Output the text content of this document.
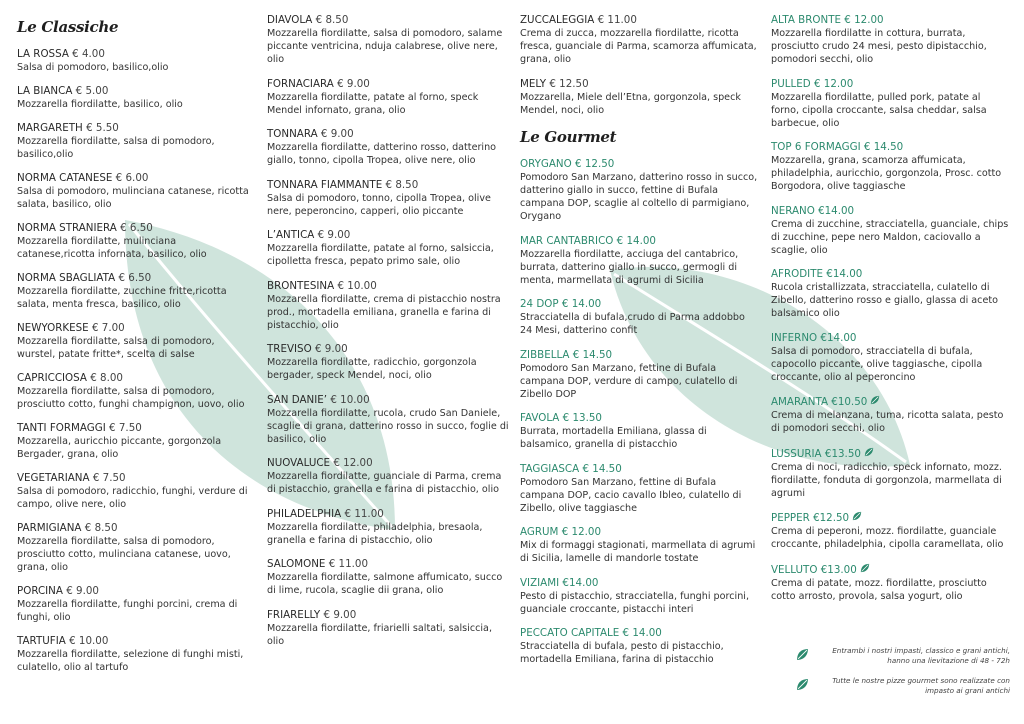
Le Classiche
LA ROSSA € 4.00
Salsa di pomodoro, basilico,olio
LA BIANCA € 5.00
Mozzarella fiordilatte, basilico, olio
MARGARETH € 5.50
Mozzarella fiordilatte, salsa di pomodoro, basilico,olio
NORMA CATANESE € 6.00
Salsa di pomodoro, mulinciana catanese, ricotta salata, basilico, olio
NORMA STRANIERA € 6.50
Mozzarella fiordilatte, mulinciana catanese,ricotta infornata, basilico, olio
NORMA SBAGLIATA € 6.50
Mozzarella fiordilatte, zucchine fritte,ricotta salata, menta fresca, basilico, olio
NEWYORKESE € 7.00
Mozzarella fiordilatte, salsa di pomodoro, wurstel, patate fritte*, scelta di salse
CAPRICCIOSA € 8.00
Mozzarella fiordilatte, salsa di pomodoro, prosciutto cotto, funghi champignon, uovo, olio
TANTI FORMAGGI € 7.50
Mozzarella, auricchio piccante, gorgonzola Bergader, grana, olio
VEGETARIANA € 7.50
Salsa di pomodoro, radicchio, funghi, verdure di campo, olive nere, olio
PARMIGIANA € 8.50
Mozzarella fiordilatte, salsa di pomodoro, prosciutto cotto, mulinciana catanese, uovo, grana, olio
PORCINA € 9.00
Mozzarella fiordilatte, funghi porcini, crema di funghi, olio
TARTUFIA € 10.00
Mozzarella fiordilatte, selezione di funghi misti, culatello, olio al tartufo
DIAVOLA € 8.50
Mozzarella fiordilatte, salsa di pomodoro, salame piccante ventricina, nduja calabrese, olive nere, olio
FORNACIARA € 9.00
Mozzarella fiordilatte, patate al forno, speck Mendel infornato, grana, olio
TONNARA € 9.00
Mozzarella fiordilatte, datterino rosso, datterino giallo, tonno, cipolla Tropea, olive nere, olio
TONNARA FIAMMANTE € 8.50
Salsa di pomodoro, tonno, cipolla Tropea, olive nere, peperoncino, capperi, olio piccante
L’ANTICA € 9.00
Mozzarella fiordilatte, patate al forno, salsiccia, cipolletta fresca, pepato primo sale, olio
BRONTESINA € 10.00
Mozzarella fiordilatte, crema di pistacchio nostra prod., mortadella emiliana, granella e farina di pistacchio, olio
TREVISO € 9.00
Mozzarella fiordilatte, radicchio, gorgonzola bergader, speck Mendel, noci, olio
SAN DANIE’ € 10.00
Mozzarella fiordilatte, rucola, crudo San Daniele, scaglie di grana, datterino rosso in succo, foglie di basilico, olio
NUOVALUCE € 12.00
Mozzarella fiordilatte, guanciale di Parma, crema di pistacchio, granella e farina di pistacchio, olio
PHILADELPHIA € 11.00
Mozzarella fiordilatte, philadelphia, bresaola, granella e farina di pistacchio, olio
SALOMONE € 11.00
Mozzarella fiordilatte, salmone affumicato, succo di lime, rucola, scaglie dii grana, olio
FRIARELLY € 9.00
Mozzarella fiordilatte, friarielli saltati, salsiccia, olio
ZUCCALEGGIA € 11.00
Crema di zucca, mozzarella fiordilatte, ricotta fresca, guanciale di Parma, scamorza affumicata, grana, olio
MELY € 12.50
Mozzarella, Miele dell’Etna, gorgonzola, speck Mendel, noci, olio
Le Gourmet
ORYGANO € 12.50
Pomodoro San Marzano, datterino rosso in succo, datterino giallo in succo, fettine di Bufala campana DOP, scaglie al coltello di parmigiano, Orygano
MAR CANTABRICO € 14.00
Mozzarella fiordilatte, acciuga del cantabrico, burrata, datterino giallo in succo, germogli di menta, marmellata di agrumi di Sicilia
24 DOP € 14.00
Stracciatella di bufala,crudo di Parma addobbo 24 Mesi, datterino confit
ZIBBELLA € 14.50
Pomodoro San Marzano, fettine di Bufala campana DOP, verdure di campo, culatello di Zibello DOP
FAVOLA € 13.50
Burrata, mortadella Emiliana, glassa di balsamico, granella di pistacchio
TAGGIASCA € 14.50
Pomodoro San Marzano, fettine di Bufala campana DOP, cacio cavallo Ibleo, culatello di Zibello, olive taggiasche
AGRUM € 12.00
Mix di formaggi stagionati, marmellata di agrumi di Sicilia, lamelle di mandorle tostate
VIZIAMI €14.00
Pesto di pistacchio, stracciatella, funghi porcini, guanciale croccante, pistacchi interi
PECCATO CAPITALE € 14.00
Stracciatella di bufala, pesto di pistacchio, mortadella Emiliana, farina di pistacchio
ALTA BRONTE € 12.00
Mozzarella fiordilatte in cottura, burrata, prosciutto crudo 24 mesi, pesto dipistacchio, pomodori secchi, olio
PULLED € 12.00
Mozzarella fiordilatte, pulled pork, patate al forno, cipolla croccante, salsa cheddar, salsa barbecue, olio
TOP 6 FORMAGGI € 14.50
Mozzarella, grana, scamorza affumicata, philadelphia, auricchio, gorgonzola, Prosc. cotto Borgodora, olive taggiasche
NERANO €14.00
Crema di zucchine, stracciatella, guanciale, chips di zucchine, pepe nero Maldon, caciovallo a scaglie, olio
AFRODITE €14.00
Rucola cristallizzata, stracciatella, culatello di Zibello, datterino rosso e giallo, glassa di aceto balsamico olio
INFERNO €14.00
Salsa di pomodoro, stracciatella di bufala, capocollo piccante, olive taggiasche, cipolla croccante, olio al peperoncino
AMARANTA €10.50
Crema di melanzana, tuma, ricotta salata, pesto di pomodori secchi, olio
LUSSURIA €13.50
Crema di noci, radicchio, speck infornato, mozz. fiordilatte, fonduta di gorgonzola, marmellata di agrumi
PEPPER €12.50
Crema di peperoni, mozz. fiordilatte, guanciale croccante, philadelphia, cipolla caramellata, olio
VELLUTO €13.00
Crema di patate, mozz. fiordilatte, prosciutto cotto arrosto, provola, salsa yogurt, olio
Entrambi i nostri impasti, classico e grani antichi, hanno una lievitazione di 48 - 72h
Tutte le nostre pizze gourmet sono realizzate con impasto ai grani antichi
